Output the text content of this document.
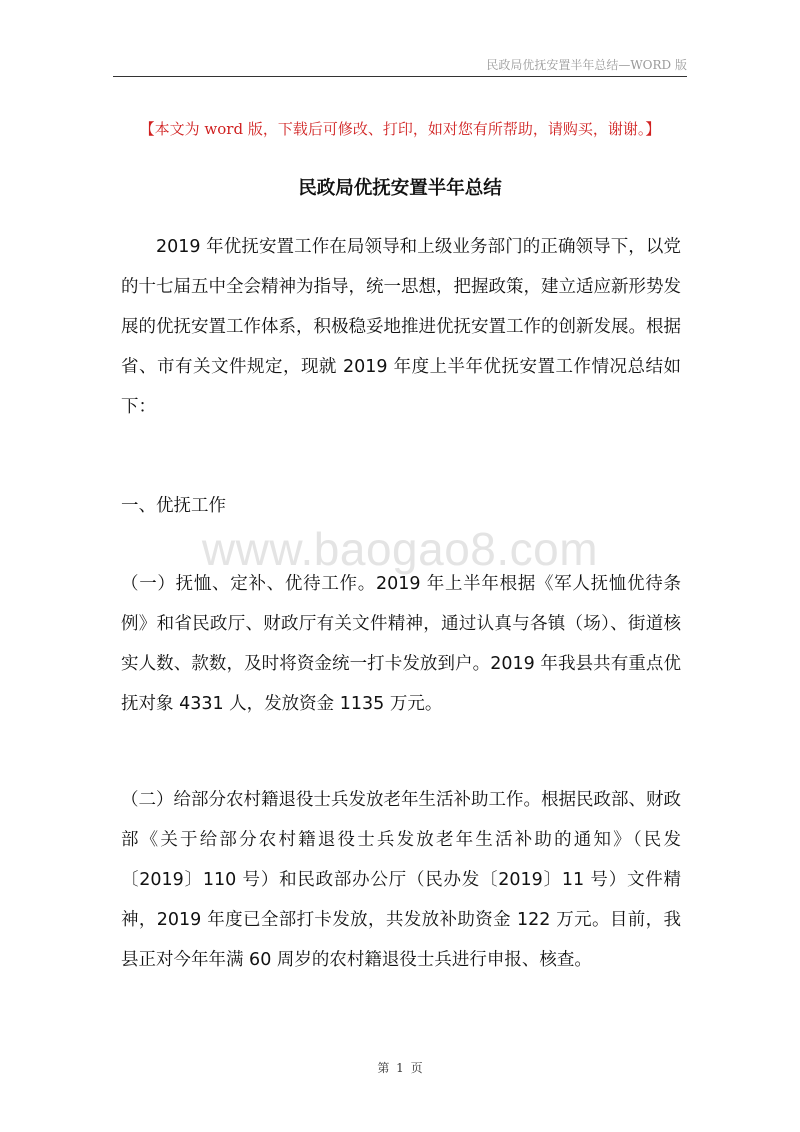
民政局优抚安置半年总结—WORD 版
【本文为 word 版，下载后可修改、打印，如对您有所帮助，请购买，谢谢。】
民政局优抚安置半年总结

2019 年优抚安置工作在局领导和上级业务部门的正确领导下，以党的十七届五中全会精神为指导，统一思想，把握政策，建立适应新形势发展的优抚安置工作体系，积极稳妥地推进优抚安置工作的创新发展。根据省、市有关文件规定，现就 2019 年度上半年优抚安置工作情况总结如下：

一、优抚工作
www.baogao8.com

（一）抚恤、定补、优待工作。2019 年上半年根据《军人抚恤优待条例》和省民政厅、财政厅有关文件精神，通过认真与各镇（场）、街道核实人数、款数，及时将资金统一打卡发放到户。2019 年我县共有重点优抚对象 4331 人，发放资金 1135 万元。

（二）给部分农村籍退役士兵发放老年生活补助工作。根据民政部、财政部《关于给部分农村籍退役士兵发放老年生活补助的通知》（民发〔2019〕110 号）和民政部办公厅（民办发〔2019〕11 号）文件精神，2019 年度已全部打卡发放，共发放补助资金 122 万元。目前，我县正对今年年满 60 周岁的农村籍退役士兵进行申报、核查。

第 1 页
